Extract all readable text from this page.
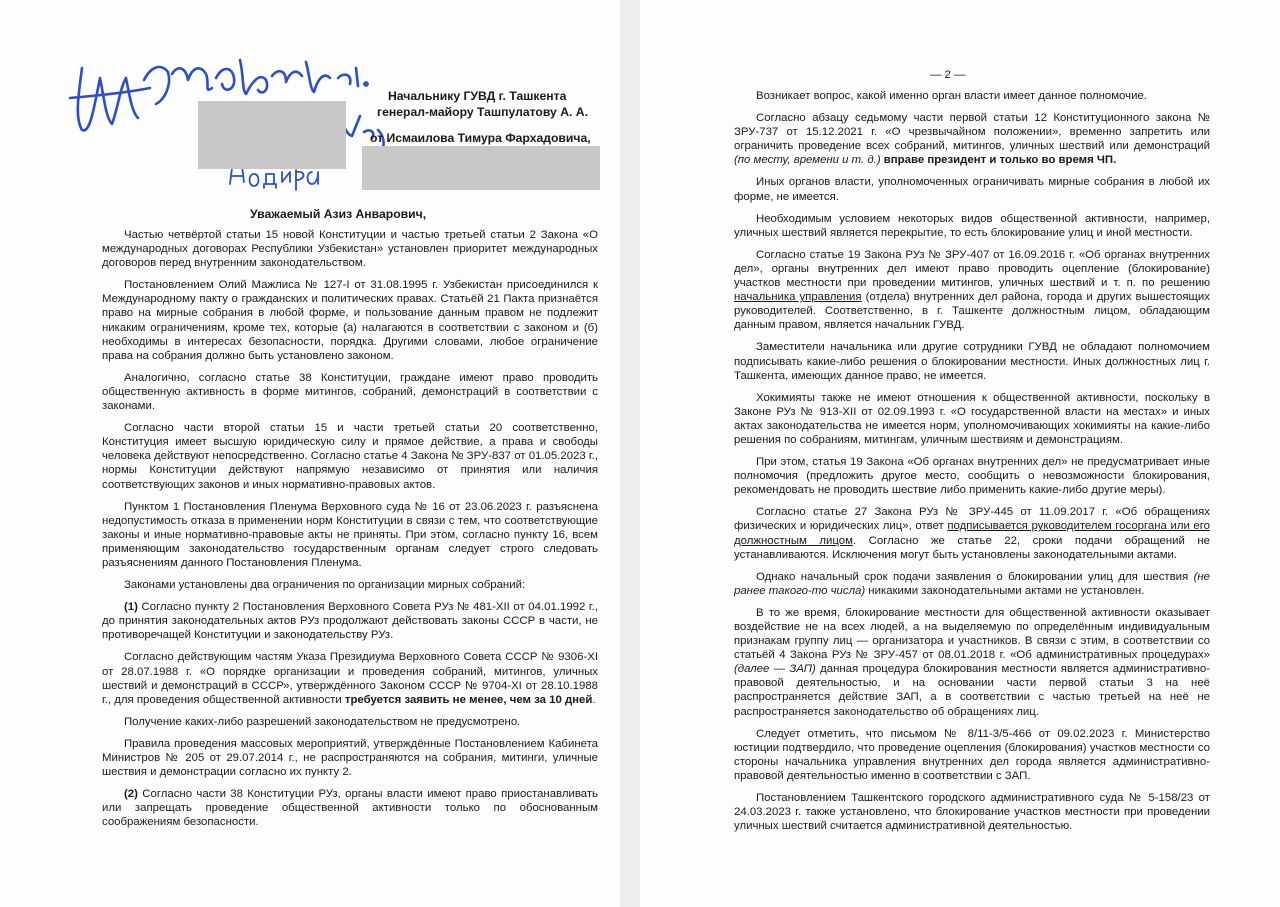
Начальнику ГУВД г. Ташкента
генерал-майору Ташпулатову А. А.
от Исмаилова Тимура Фархадовича,
Уважаемый Азиз Анварович,

Частью четвёртой статьи 15 новой Конституции и частью третьей статьи 2 Закона «О международных договорах Республики Узбекистан» установлен приоритет международных договоров перед внутренним законодательством.

Постановлением Олий Мажлиса № 127-I от 31.08.1995 г. Узбекистан присоединился к Международному пакту о гражданских и политических правах. Статьёй 21 Пакта признаётся право на мирные собрания в любой форме, и пользование данным правом не подлежит никаким ограничениям, кроме тех, которые (а) налагаются в соответствии с законом и (б) необходимы в интересах безопасности, порядка. Другими словами, любое ограничение права на собрания должно быть установлено законом.

Аналогично, согласно статье 38 Конституции, граждане имеют право проводить общественную активность в форме митингов, собраний, демонстраций в соответствии с законами.

Согласно части второй статьи 15 и части третьей статьи 20 соответственно, Конституция имеет высшую юридическую силу и прямое действие, а права и свободы человека действуют непосредственно. Согласно статье 4 Закона № ЗРУ-837 от 01.05.2023 г., нормы Конституции действуют напрямую независимо от принятия или наличия соответствующих законов и иных нормативно-правовых актов.

Пунктом 1 Постановления Пленума Верховного суда № 16 от 23.06.2023 г. разъяснена недопустимость отказа в применении норм Конституции в связи с тем, что соответствующие законы и иные нормативно-правовые акты не приняты. При этом, согласно пункту 16, всем применяющим законодательство государственным органам следует строго следовать разъяснениям данного Постановления Пленума.

Законами установлены два ограничения по организации мирных собраний:

(1) Согласно пункту 2 Постановления Верховного Совета РУз № 481-XII от 04.01.1992 г., до принятия законодательных актов РУз продолжают действовать законы СССР в части, не противоречащей Конституции и законодательству РУз.

Согласно действующим частям Указа Президиума Верховного Совета СССР № 9306-XI от 28.07.1988 г. «О порядке организации и проведения собраний, митингов, уличных шествий и демонстраций в СССР», утверждённого Законом СССР № 9704-XI от 28.10.1988 г., для проведения общественной активности требуется заявить не менее, чем за 10 дней.

Получение каких-либо разрешений законодательством не предусмотрено.

Правила проведения массовых мероприятий, утверждённые Постановлением Кабинета Министров № 205 от 29.07.2014 г., не распространяются на собрания, митинги, уличные шествия и демонстрации согласно их пункту 2.

(2) Согласно части 38 Конституции РУз, органы власти имеют право приостанавливать или запрещать проведение общественной активности только по обоснованным соображениям безопасности.

— 2 —

Возникает вопрос, какой именно орган власти имеет данное полномочие.

Согласно абзацу седьмому части первой статьи 12 Конституционного закона № ЗРУ-737 от 15.12.2021 г. «О чрезвычайном положении», временно запретить или ограничить проведение всех собраний, митингов, уличных шествий или демонстраций (по месту, времени и т. д.) вправе президент и только во время ЧП.

Иных органов власти, уполномоченных ограничивать мирные собрания в любой их форме, не имеется.

Необходимым условием некоторых видов общественной активности, например, уличных шествий является перекрытие, то есть блокирование улиц и иной местности.

Согласно статье 19 Закона РУз № ЗРУ-407 от 16.09.2016 г. «Об органах внутренних дел», органы внутренних дел имеют право проводить оцепление (блокирование) участков местности при проведении митингов, уличных шествий и т. п. по решению начальника управления (отдела) внутренних дел района, города и других вышестоящих руководителей. Соответственно, в г. Ташкенте должностным лицом, обладающим данным правом, является начальник ГУВД.

Заместители начальника или другие сотрудники ГУВД не обладают полномочием подписывать какие-либо решения о блокировании местности. Иных должностных лиц г. Ташкента, имеющих данное право, не имеется.

Хокимияты также не имеют отношения к общественной активности, поскольку в Законе РУз № 913-XII от 02.09.1993 г. «О государственной власти на местах» и иных актах законодательства не имеется норм, уполномочивающих хокимияты на какие-либо решения по собраниям, митингам, уличным шествиям и демонстрациям.

При этом, статья 19 Закона «Об органах внутренних дел» не предусматривает иные полномочия (предложить другое место, сообщить о невозможности блокирования, рекомендовать не проводить шествие либо применить какие-либо другие меры).

Согласно статье 27 Закона РУз № ЗРУ-445 от 11.09.2017 г. «Об обращениях физических и юридических лиц», ответ подписывается руководителем госоргана или его должностным лицом. Согласно же статье 22, сроки подачи обращений не устанавливаются. Исключения могут быть установлены законодательными актами.

Однако начальный срок подачи заявления о блокировании улиц для шествия (не ранее такого-то числа) никакими законодательными актами не установлен.

В то же время, блокирование местности для общественной активности оказывает воздействие не на всех людей, а на выделяемую по определённым индивидуальным признакам группу лиц — организатора и участников. В связи с этим, в соответствии со статьёй 4 Закона РУз № ЗРУ-457 от 08.01.2018 г. «Об административных процедурах» (далее — ЗАП) данная процедура блокирования местности является административно-правовой деятельностью, и на основании части первой статьи 3 на неё распространяется действие ЗАП, а в соответствии с частью третьей на неё не распространяется законодательство об обращениях лиц.

Следует отметить, что письмом № 8/11-3/5-466 от 09.02.2023 г. Министерство юстиции подтвердило, что проведение оцепления (блокирования) участков местности со стороны начальника управления внутренних дел города является административно-правовой деятельностью именно в соответствии с ЗАП.

Постановлением Ташкентского городского административного суда № 5-158/23 от 24.03.2023 г. также установлено, что блокирование участков местности при проведении уличных шествий считается административной деятельностью.
